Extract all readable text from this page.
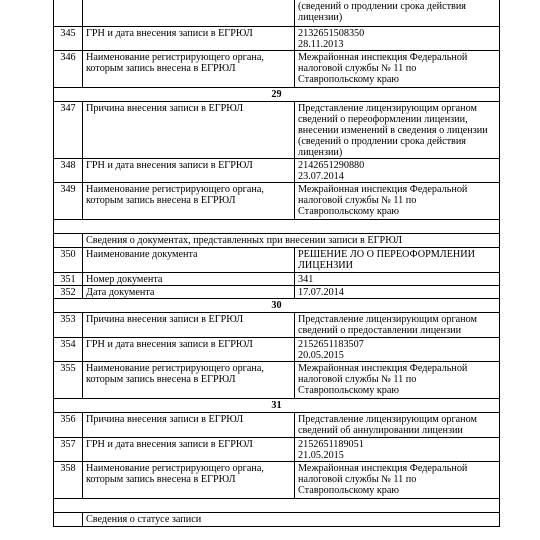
(сведений о продлении срока действия
лицензии)
345	ГРН и дата внесения записи в ЕГРЮЛ	2132651508350
28.11.2013
346	Наименование регистрирующего органа,
которым запись внесена в ЕГРЮЛ	Межрайонная инспекция Федеральной
налоговой службы № 11 по
Ставропольскому краю
29		
347	Причина внесения записи в ЕГРЮЛ	Представление лицензирующим органом
сведений о переоформлении лицензии,
внесении изменений в сведения о лицензии
(сведений о продлении срока действия
лицензии)
348	ГРН и дата внесения записи в ЕГРЮЛ	2142651290880
23.07.2014
349	Наименование регистрирующего органа,
которым запись внесена в ЕГРЮЛ	Межрайонная инспекция Федеральной
налоговой службы № 11 по
Ставропольскому краю

	Сведения о документах, представленных при внесении записи в ЕГРЮЛ	
350	Наименование документа	РЕШЕНИЕ ЛО О ПЕРЕОФОРМЛЕНИИ
ЛИЦЕНЗИИ
351	Номер документа	341
352	Дата документа	17.07.2014
30		
353	Причина внесения записи в ЕГРЮЛ	Представление лицензирующим органом
сведений о предоставлении лицензии
354	ГРН и дата внесения записи в ЕГРЮЛ	2152651183507
20.05.2015
355	Наименование регистрирующего органа,
которым запись внесена в ЕГРЮЛ	Межрайонная инспекция Федеральной
налоговой службы № 11 по
Ставропольскому краю
31		
356	Причина внесения записи в ЕГРЮЛ	Представление лицензирующим органом
сведений об аннулировании лицензии
357	ГРН и дата внесения записи в ЕГРЮЛ	2152651189051
21.05.2015
358	Наименование регистрирующего органа,
которым запись внесена в ЕГРЮЛ	Межрайонная инспекция Федеральной
налоговой службы № 11 по
Ставропольскому краю

	Сведения о статусе записи	
